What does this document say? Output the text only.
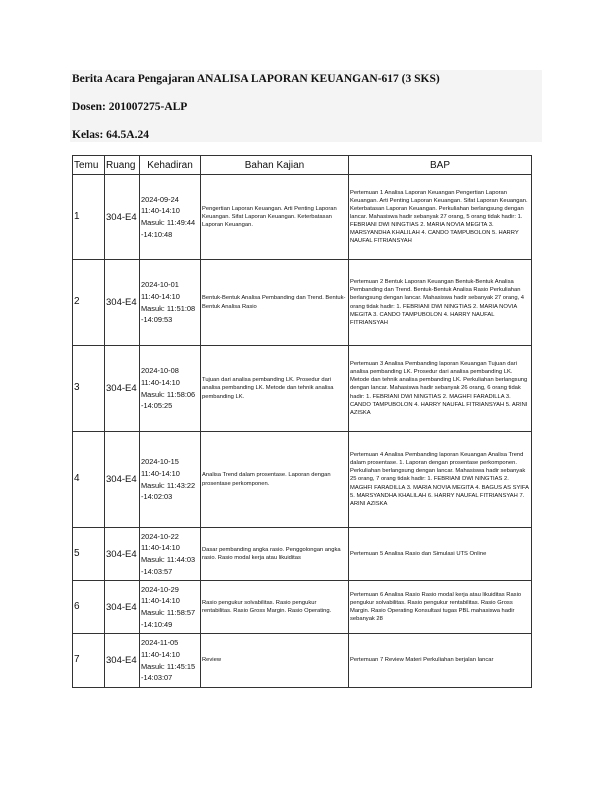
Berita Acara Pengajaran ANALISA LAPORAN KEUANGAN-617 (3 SKS)
Dosen: 201007275-ALP
Kelas: 64.5A.24
Temu	Ruang	Kehadiran	Bahan Kajian	BAP
1	304-E4	2024-09-24 11:40-14:10 Masuk: 11:49:44 -14:10:48	Pengertian Laporan Keuangan. Arti Penting Laporan Keuangan. Sifat Laporan Keuangan. Keterbatasan Laporan Keuangan.	Pertemuan 1 Analisa Laporan Keuangan Pengertian Laporan Keuangan. Arti Penting Laporan Keuangan. Sifat Laporan Keuangan. Keterbatasan Laporan Keuangan. Perkuliahan berlangsung dengan lancar. Mahasiswa hadir sebanyak 27 orang, 5 orang tidak hadir: 1. FEBRIANI DWI NINGTIAS 2. MARIA NOVIA MEGITA 3. MARSYANDHA KHALILAH 4. CANDO TAMPUBOLON 5. HARRY NAUFAL FITRIANSYAH
2	304-E4	2024-10-01 11:40-14:10 Masuk: 11:51:08 -14:09:53	Bentuk-Bentuk Analisa Pembanding dan Trend. Bentuk-Bentuk Analisa Rasio	Pertemuan 2 Bentuk Laporan Keuangan Bentuk-Bentuk Analisa Pembanding dan Trend. Bentuk-Bentuk Analisa Rasio Perkuliahan berlangsung dengan lancar. Mahasiswa hadir sebanyak 27 orang, 4 orang tidak hadir: 1. FEBRIANI DWI NINGTIAS 2. MARIA NOVIA MEGITA 3. CANDO TAMPUBOLON 4. HARRY NAUFAL FITRIANSYAH
3	304-E4	2024-10-08 11:40-14:10 Masuk: 11:58:06 -14:05:25	Tujuan dari analisa pembanding LK. Prosedur dari analisa pembanding LK. Metode dan tehnik analisa pembanding LK.	Pertemuan 3 Analisa Pembanding laporan Keuangan Tujuan dari analisa pembanding LK. Prosedur dari analisa pembanding LK. Metode dan tehnik analisa pembanding LK. Perkuliahan berlangsung dengan lancar. Mahasiswa hadir sebanyak 26 orang, 6 orang tidak hadir: 1. FEBRIANI DWI NINGTIAS 2. MAGHFI FARADILLA 3. CANDO TAMPUBOLON 4. HARRY NAUFAL FITRIANSYAH 5. ARINI AZISKA
4	304-E4	2024-10-15 11:40-14:10 Masuk: 11:43:22 -14:02:03	Analisa Trend dalam prosentase. Laporan dengan prosentase perkomponen.	Pertemuan 4 Analisa Pembanding laporan Keuangan Analisa Trend dalam prosentase. 1. Laporan dengan prosentase perkomponen. Perkuliahan berlangsung dengan lancar. Mahasiswa hadir sebanyak 25 orang, 7 orang tidak hadir: 1. FEBRIANI DWI NINGTIAS 2. MAGHFI FARADILLA 3. MARIA NOVIA MEGITA 4. BAGUS AS SYIFA 5. MARSYANDHA KHALILAH 6. HARRY NAUFAL FITRIANSYAH 7. ARINI AZISKA
5	304-E4	2024-10-22 11:40-14:10 Masuk: 11:44:03 -14:03:57	Dasar pembanding angka rasio. Penggolongan angka rasio. Rasio modal kerja atau likuiditas	Pertemuan 5 Analisa Rasio dan Simulasi UTS Online
6	304-E4	2024-10-29 11:40-14:10 Masuk: 11:58:57 -14:10:49	Rasio pengukur solvabilitas. Rasio pengukur rentabilitas. Rasio Gross Margin. Rasio Operating.	Pertemuan 6 Analisa Rasio Rasio modal kerja atau likuiditas Rasio pengukur solvabilitas. Rasio pengukur rentabilitas. Rasio Gross Margin. Rasio Operating Konsultasi tugas PBL mahasiswa hadir sebanyak 28
7	304-E4	2024-11-05 11:40-14:10 Masuk: 11:45:15 -14:03:07	Review	Pertemuan 7 Review Materi Perkuliahan berjalan lancar
